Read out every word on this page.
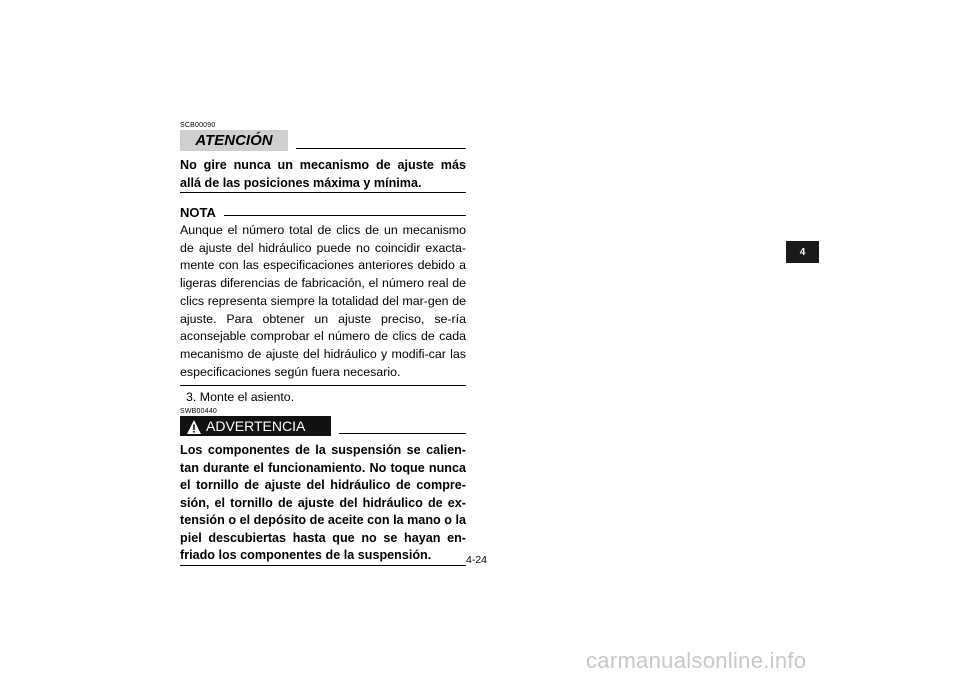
SCB00090
ATENCIÓN

No gire nunca un mecanismo de ajuste más allá de las posiciones máxima y mínima.

NOTA

Aunque el número total de clics de un mecanismo de ajuste del hidráulico puede no coincidir exacta-mente con las especificaciones anteriores debido a ligeras diferencias de fabricación, el número real de clics representa siempre la totalidad del mar-gen de ajuste. Para obtener un ajuste preciso, se-ría aconsejable comprobar el número de clics de cada mecanismo de ajuste del hidráulico y modifi-car las especificaciones según fuera necesario.

3. Monte el asiento.
SWB00440
ADVERTENCIA

Los componentes de la suspensión se calien-tan durante el funcionamiento. No toque nunca el tornillo de ajuste del hidráulico de compre-sión, el tornillo de ajuste del hidráulico de ex-tensión o el depósito de aceite con la mano o la piel descubiertas hasta que no se hayan en-friado los componentes de la suspensión.	4-24
4
carmanualsonline.info
